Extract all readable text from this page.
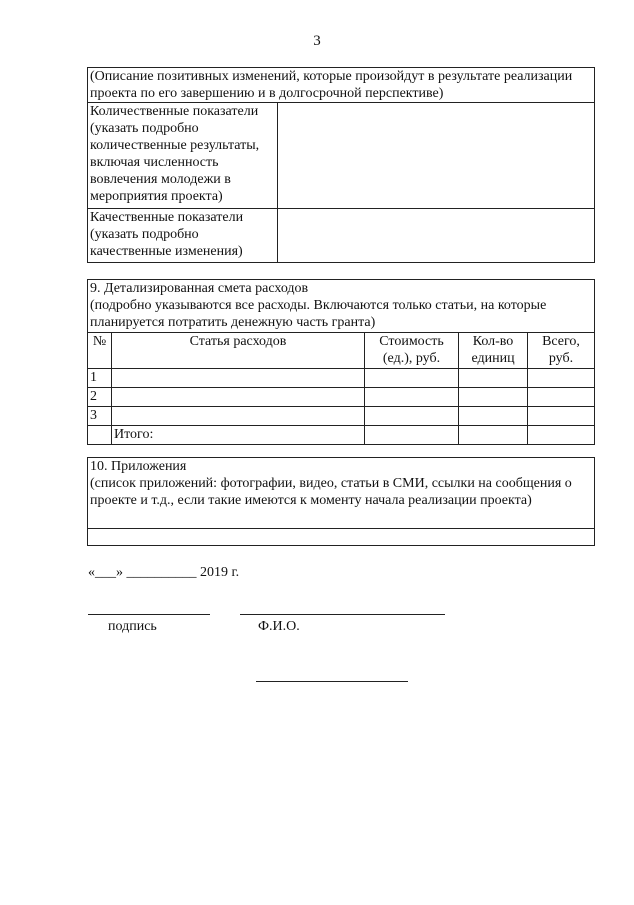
3
(Описание позитивных изменений, которые произойдут в результате реализации проекта по его завершению и в долгосрочной перспективе)	
Количественные показатели (указать подробно количественные результаты, включая численность вовлечения молодежи в мероприятия проекта)	
Качественные показатели (указать подробно качественные изменения)	
9. Детализированная смета расходов
(подробно указываются все расходы. Включаются только статьи, на которые планируется потратить денежную часть гранта)				

№	Статья расходов	Стоимость (ед.), руб.	Кол-во единиц	Всего, руб.
1				
2				
3				
	Итого:			
10. Приложения
(список приложений: фотографии, видео, статьи в СМИ, ссылки на сообщения о проекте и т.д., если такие имеются к моменту начала реализации проекта)

«___» __________ 2019 г.
подпись	Ф.И.О.
